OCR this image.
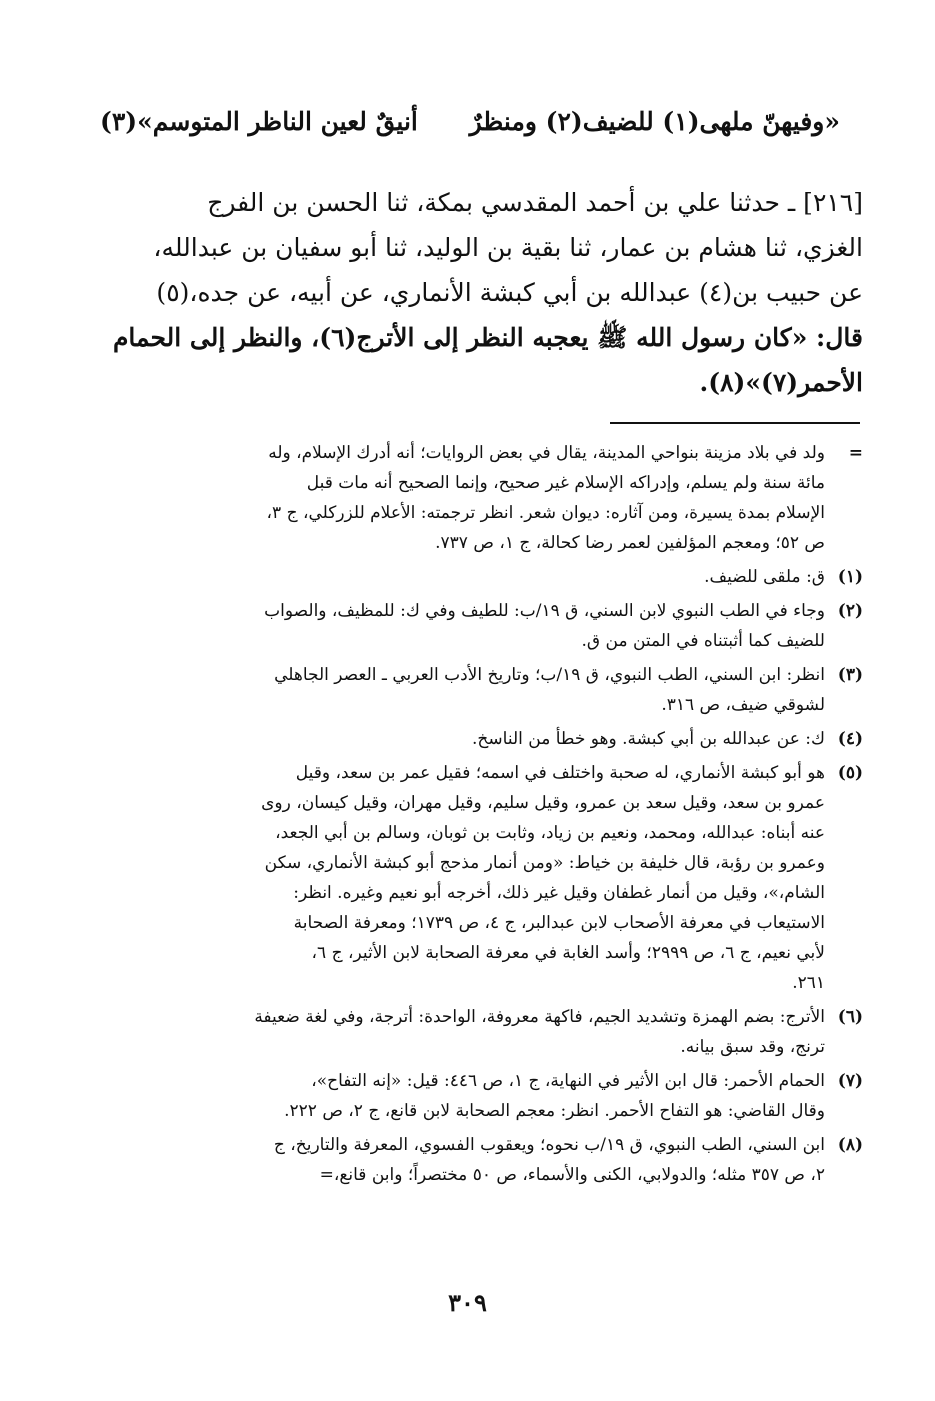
«وفيهنّ ملهى(١) للضيف(٢) ومنظرٌ
أنيقٌ لعين الناظر المتوسم»(٣)
[٢١٦] ـ حدثنا علي بن أحمد المقدسي بمكة، ثنا الحسن بن الفرج
الغزي، ثنا هشام بن عمار، ثنا بقية بن الوليد، ثنا أبو سفيان بن عبدالله،
عن حبيب بن(٤) عبدالله بن أبي كبشة الأنماري، عن أبيه، عن جده،(٥)
قال: «كان رسول الله ﷺ يعجبه النظر إلى الأترج(٦)، والنظر إلى الحمام
الأحمر(٧)»(٨).
=
ولد في بلاد مزينة بنواحي المدينة، يقال في بعض الروايات؛ أنه أدرك الإسلام، وله
مائة سنة ولم يسلم، وإدراكه الإسلام غير صحيح، وإنما الصحيح أنه مات قبل
الإسلام بمدة يسيرة، ومن آثاره: ديوان شعر. انظر ترجمته: الأعلام للزركلي، ج ٣،
ص ٥٢؛ ومعجم المؤلفين لعمر رضا كحالة، ج ١، ص ٧٣٧.
(١)
ق: ملقى للضيف.
(٢)
وجاء في الطب النبوي لابن السني، ق ١٩/ب: للطيف وفي ك: للمظيف، والصواب
للضيف كما أثبتناه في المتن من ق.
(٣)
انظر: ابن السني، الطب النبوي، ق ١٩/ب؛ وتاريخ الأدب العربي ـ العصر الجاهلي
لشوقي ضيف، ص ٣١٦.
(٤)
ك: عن عبدالله بن أبي كبشة. وهو خطأ من الناسخ.
(٥)
هو أبو كبشة الأنماري، له صحبة واختلف في اسمه؛ فقيل عمر بن سعد، وقيل
عمرو بن سعد، وقيل سعد بن عمرو، وقيل سليم، وقيل مهران، وقيل كيسان، روى
عنه أبناه: عبدالله، ومحمد، ونعيم بن زياد، وثابت بن ثوبان، وسالم بن أبي الجعد،
وعمرو بن رؤبة، قال خليفة بن خياط: «ومن أنمار مذحج أبو كبشة الأنماري، سكن
الشام،»، وقيل من أنمار غطفان وقيل غير ذلك، أخرجه أبو نعيم وغيره. انظر:
الاستيعاب في معرفة الأصحاب لابن عبدالبر، ج ٤، ص ١٧٣٩؛ ومعرفة الصحابة
لأبي نعيم، ج ٦، ص ٢٩٩٩؛ وأسد الغابة في معرفة الصحابة لابن الأثير، ج ٦،
٢٦١.
(٦)
الأترج: بضم الهمزة وتشديد الجيم، فاكهة معروفة، الواحدة: أترجة، وفي لغة ضعيفة
ترنج، وقد سبق بيانه.
(٧)
الحمام الأحمر: قال ابن الأثير في النهاية، ج ١، ص ٤٤٦: قيل: «إنه التفاح»،
وقال القاضي: هو التفاح الأحمر. انظر: معجم الصحابة لابن قانع، ج ٢، ص ٢٢٢.
(٨)
ابن السني، الطب النبوي، ق ١٩/ب نحوه؛ ويعقوب الفسوي، المعرفة والتاريخ، ج
٢، ص ٣٥٧ مثله؛ والدولابي، الكنى والأسماء، ص ٥٠ مختصراً؛ وابن قانع،=
٣٠٩
